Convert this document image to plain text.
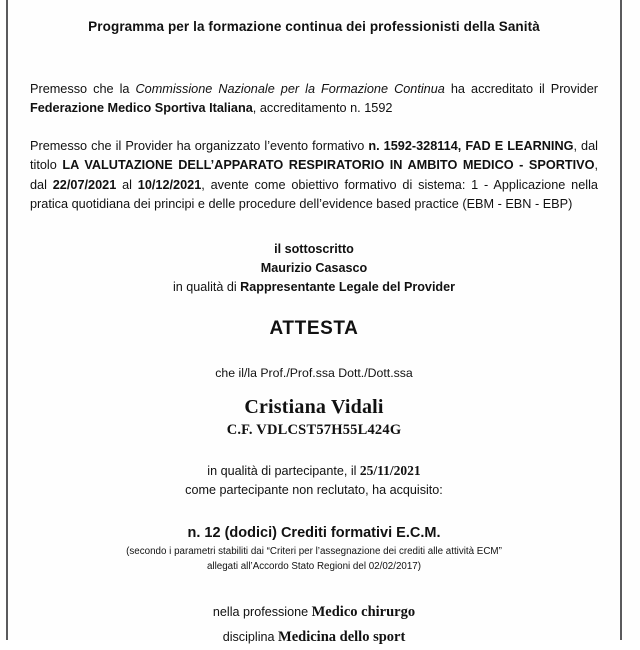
Programma per la formazione continua dei professionisti della Sanità
Premesso che la Commissione Nazionale per la Formazione Continua ha accreditato il Provider Federazione Medico Sportiva Italiana, accreditamento n. 1592
Premesso che il Provider ha organizzato l’evento formativo n. 1592-328114, FAD E LEARNING, dal titolo LA VALUTAZIONE DELL’APPARATO RESPIRATORIO IN AMBITO MEDICO - SPORTIVO, dal 22/07/2021 al 10/12/2021, avente come obiettivo formativo di sistema: 1 - Applicazione nella pratica quotidiana dei principi e delle procedure dell’evidence based practice (EBM - EBN - EBP)
il sottoscritto
Maurizio Casasco
in qualità di Rappresentante Legale del Provider
ATTESTA
che il/la Prof./Prof.ssa Dott./Dott.ssa
Cristiana Vidali
C.F. VDLCST57H55L424G
in qualità di partecipante, il 25/11/2021
come partecipante non reclutato, ha acquisito:
n. 12 (dodici) Crediti formativi E.C.M.
(secondo i parametri stabiliti dai “Criteri per l’assegnazione dei crediti alle attività ECM”
allegati all’Accordo Stato Regioni del 02/02/2017)
nella professione Medico chirurgo
disciplina Medicina dello sport
